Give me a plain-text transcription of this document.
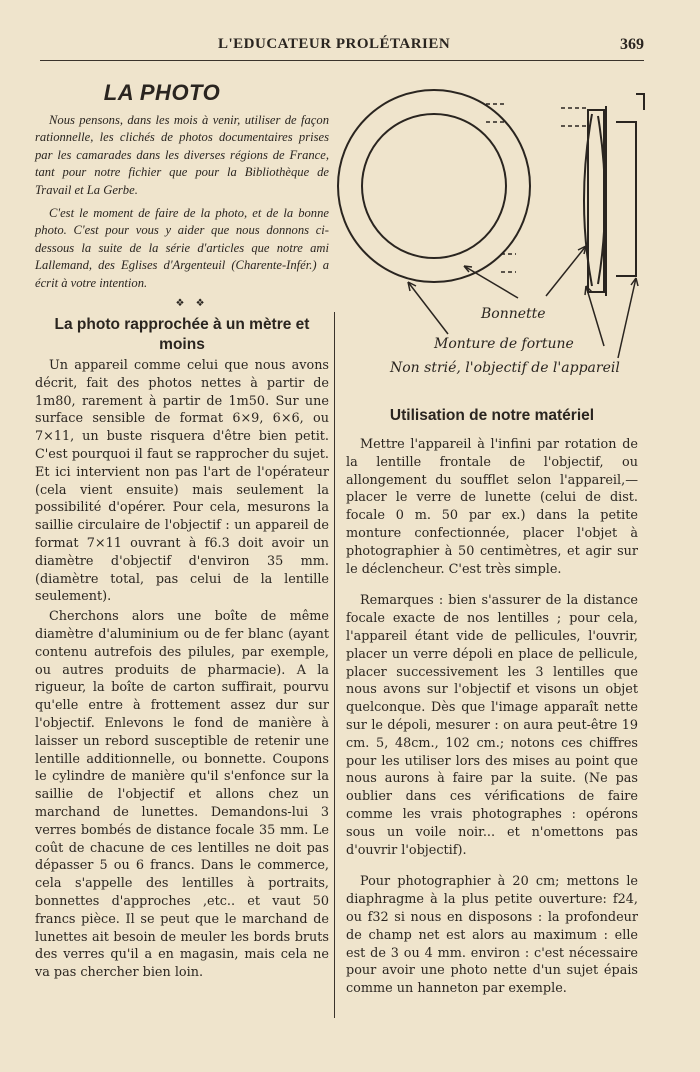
L'EDUCATEUR PROLÉTARIEN	369
LA PHOTO

Nous pensons, dans les mois à venir, utiliser de façon rationnelle, les clichés de photos documentaires prises par les camarades dans les diverses régions de France, tant pour notre fichier que pour la Bibliothèque de Travail et La Gerbe.

C'est le moment de faire de la photo, et de la bonne photo. C'est pour vous y aider que nous donnons ci-dessous la suite de la série d'articles que notre ami Lallemand, des Eglises d'Argenteuil (Charente-Infér.) a écrit à votre intention.

❖ ❖
La photo rapprochée à un mètre et moins

Un appareil comme celui que nous avons décrit, fait des photos nettes à partir de 1m80, rarement à partir de 1m50. Sur une surface sensible de format 6×9, 6×6, ou 7×11, un buste risquera d'être bien petit. C'est pourquoi il faut se rapprocher du sujet. Et ici intervient non pas l'art de l'opérateur (cela vient ensuite) mais seulement la possibilité d'opérer. Pour cela, mesurons la saillie circulaire de l'objectif : un appareil de format 7×11 ouvrant à f6.3 doit avoir un diamètre d'objectif d'environ 35 mm. (diamètre total, pas celui de la lentille seulement).

Cherchons alors une boîte de même diamètre d'aluminium ou de fer blanc (ayant contenu autrefois des pilules, par exemple, ou autres produits de pharmacie). A la rigueur, la boîte de carton suffirait, pourvu qu'elle entre à frottement assez dur sur l'objectif. Enlevons le fond de manière à laisser un rebord susceptible de retenir une lentille additionnelle, ou bonnette. Coupons le cylindre de manière qu'il s'enfonce sur la saillie de l'objectif et allons chez un marchand de lunettes. Demandons-lui 3 verres bombés de distance focale 35 mm. Le coût de chacune de ces lentilles ne doit pas dépasser 5 ou 6 francs. Dans le commerce, cela s'appelle des lentilles à portraits, bonnettes d'approches ,etc.. et vaut 50 francs pièce. Il se peut que le marchand de lunettes ait besoin de meuler les bords bruts des verres qu'il a en magasin, mais cela ne va pas chercher bien loin.

Bonnette
Monture de fortune
Non strié, l'objectif de l'appareil
Utilisation de notre matériel

Mettre l'appareil à l'infini par rotation de la lentille frontale de l'objectif, ou allongement du soufflet selon l'appareil,— placer le verre de lunette (celui de dist. focale 0 m. 50 par ex.) dans la petite monture confectionnée, placer l'objet à photographier à 50 centimètres, et agir sur le déclencheur. C'est très simple.

Remarques : bien s'assurer de la distance focale exacte de nos lentilles ; pour cela, l'appareil étant vide de pellicules, l'ouvrir, placer un verre dépoli en place de pellicule, placer successivement les 3 lentilles que nous avons sur l'objectif et visons un objet quelconque. Dès que l'image apparaît nette sur le dépoli, mesurer : on aura peut-être 19 cm. 5, 48cm., 102 cm.; notons ces chiffres pour les utiliser lors des mises au point que nous aurons à faire par la suite. (Ne pas oublier dans ces vérifications de faire comme les vrais photographes : opérons sous un voile noir... et n'omettons pas d'ouvrir l'objectif).

Pour photographier à 20 cm; mettons le diaphragme à la plus petite ouverture: f24, ou f32 si nous en disposons : la profondeur de champ net est alors au maximum : elle est de 3 ou 4 mm. environ : c'est nécessaire pour avoir une photo nette d'un sujet épais comme un hanneton par exemple.
